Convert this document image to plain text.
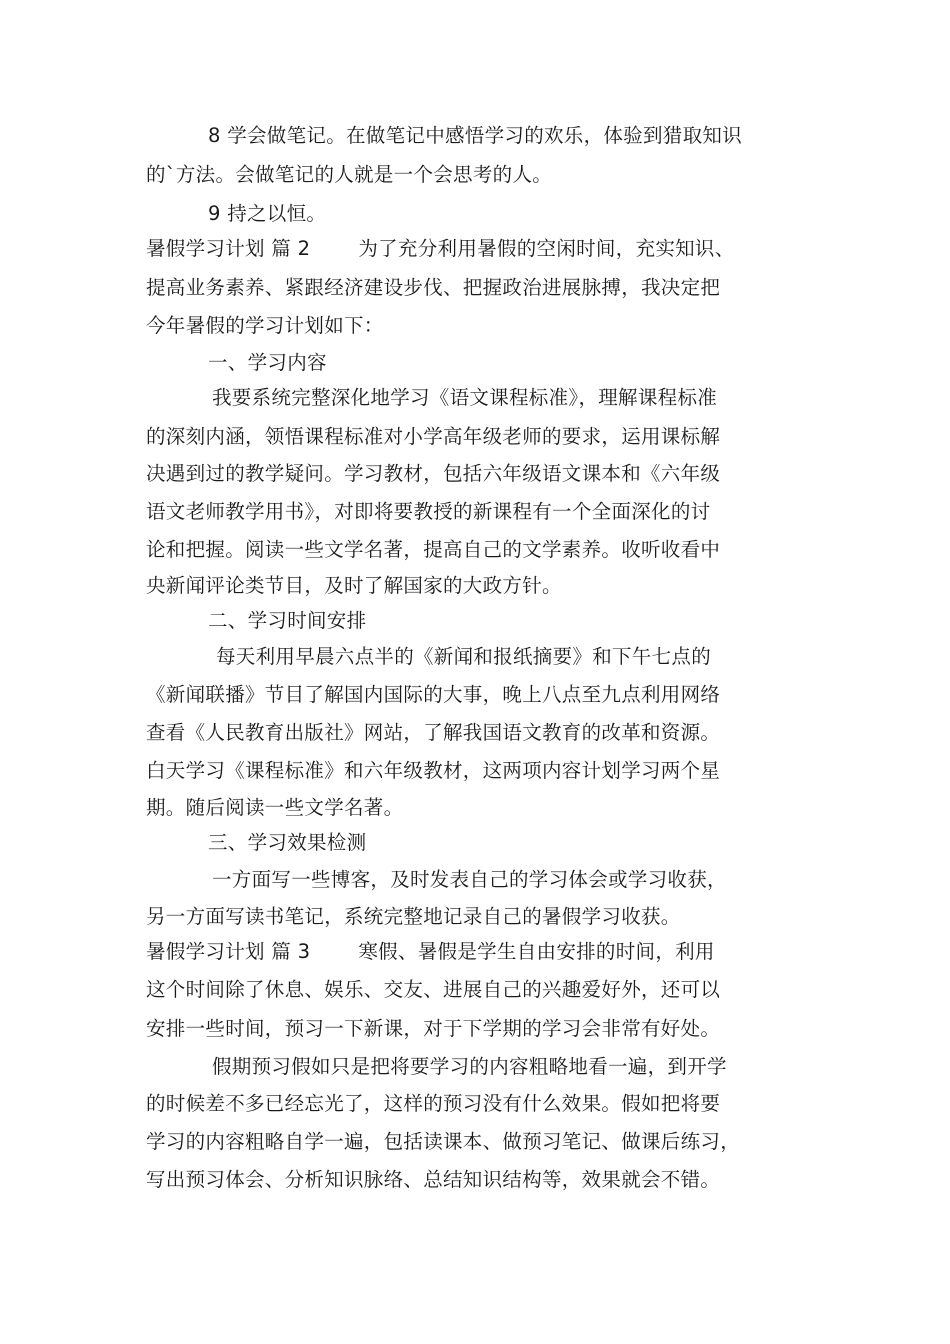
8 学会做笔记。在做笔记中感悟学习的欢乐，体验到猎取知识
的`方法。会做笔记的人就是一个会思考的人。
9 持之以恒。
暑假学习计划 篇 2 为了充分利用暑假的空闲时间，充实知识、
提高业务素养、紧跟经济建设步伐、把握政治进展脉搏，我决定把
今年暑假的学习计划如下：
一、学习内容
我要系统完整深化地学习《语文课程标准》，理解课程标准
的深刻内涵，领悟课程标准对小学高年级老师的要求，运用课标解
决遇到过的教学疑问。学习教材，包括六年级语文课本和《六年级
语文老师教学用书》，对即将要教授的新课程有一个全面深化的讨
论和把握。阅读一些文学名著，提高自己的文学素养。收听收看中
央新闻评论类节目，及时了解国家的大政方针。
二、学习时间安排
每天利用早晨六点半的《新闻和报纸摘要》和下午七点的
《新闻联播》节目了解国内国际的大事，晚上八点至九点利用网络
查看《人民教育出版社》网站，了解我国语文教育的改革和资源。
白天学习《课程标准》和六年级教材，这两项内容计划学习两个星
期。随后阅读一些文学名著。
三、学习效果检测
一方面写一些博客，及时发表自己的学习体会或学习收获，
另一方面写读书笔记，系统完整地记录自己的暑假学习收获。
暑假学习计划 篇 3 寒假、暑假是学生自由安排的时间，利用
这个时间除了休息、娱乐、交友、进展自己的兴趣爱好外，还可以
安排一些时间，预习一下新课，对于下学期的学习会非常有好处。
假期预习假如只是把将要学习的内容粗略地看一遍，到开学
的时候差不多已经忘光了，这样的预习没有什么效果。假如把将要
学习的内容粗略自学一遍，包括读课本、做预习笔记、做课后练习，
写出预习体会、分析知识脉络、总结知识结构等，效果就会不错。
